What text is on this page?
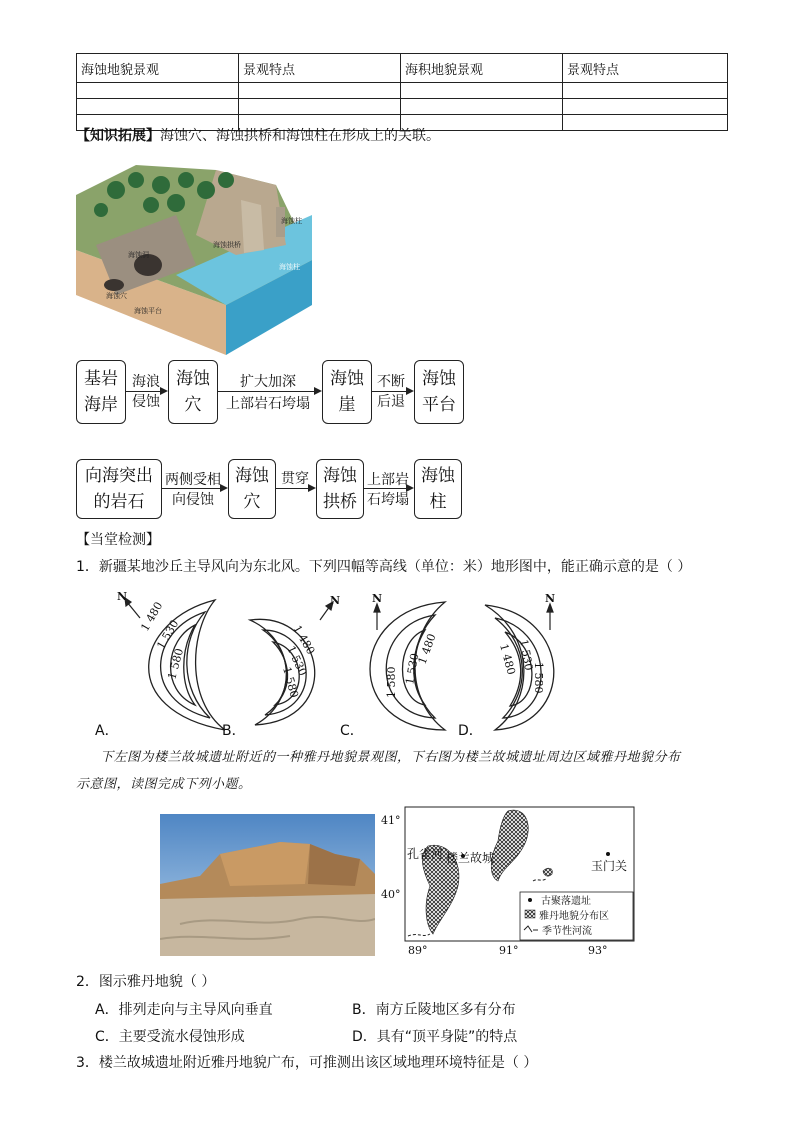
海蚀地貌景观	景观特点	海积地貌景观	景观特点

【知识拓展】海蚀穴、海蚀拱桥和海蚀柱在形成上的关联。
海蚀柱
海蚀拱桥
海蚀柱
海蚀洞
海蚀穴
海蚀平台
基岩海岸
海浪侵蚀
海蚀穴
扩大加深
上部岩石垮塌
海蚀崖
不断后退
海蚀平台
向海突出的岩石
两侧受相向侵蚀
海蚀穴
贯穿 海蚀拱桥
上部岩石垮塌
海蚀柱
【当堂检测】
1．新疆某地沙丘主导风向为东北风。下列四幅等高线（单位：米）地形图中，能正确示意的是（ ）
N	N	N	N
1 480
1 530
1 580
1 480
1 530
1 580	1 580 1 530
1 480	1 480 1 530
1 580
A．	B．	C．	D．
下左图为楼兰故城遗址附近的一种雅丹地貌景观图，下右图为楼兰故城遗址周边区域雅丹地貌分布
示意图，读图完成下列小题。
古聚落遗址
雅丹地貌分布区
季节性河流
41°
40°
89°	91°	93°
孔雀河 楼兰故城
玉门关
2．图示雅丹地貌（ ）
A．排列走向与主导风向垂直	B．南方丘陵地区多有分布
C．主要受流水侵蚀形成	D．具有“顶平身陡”的特点
3．楼兰故城遗址附近雅丹地貌广布，可推测出该区域地理环境特征是（ ）
